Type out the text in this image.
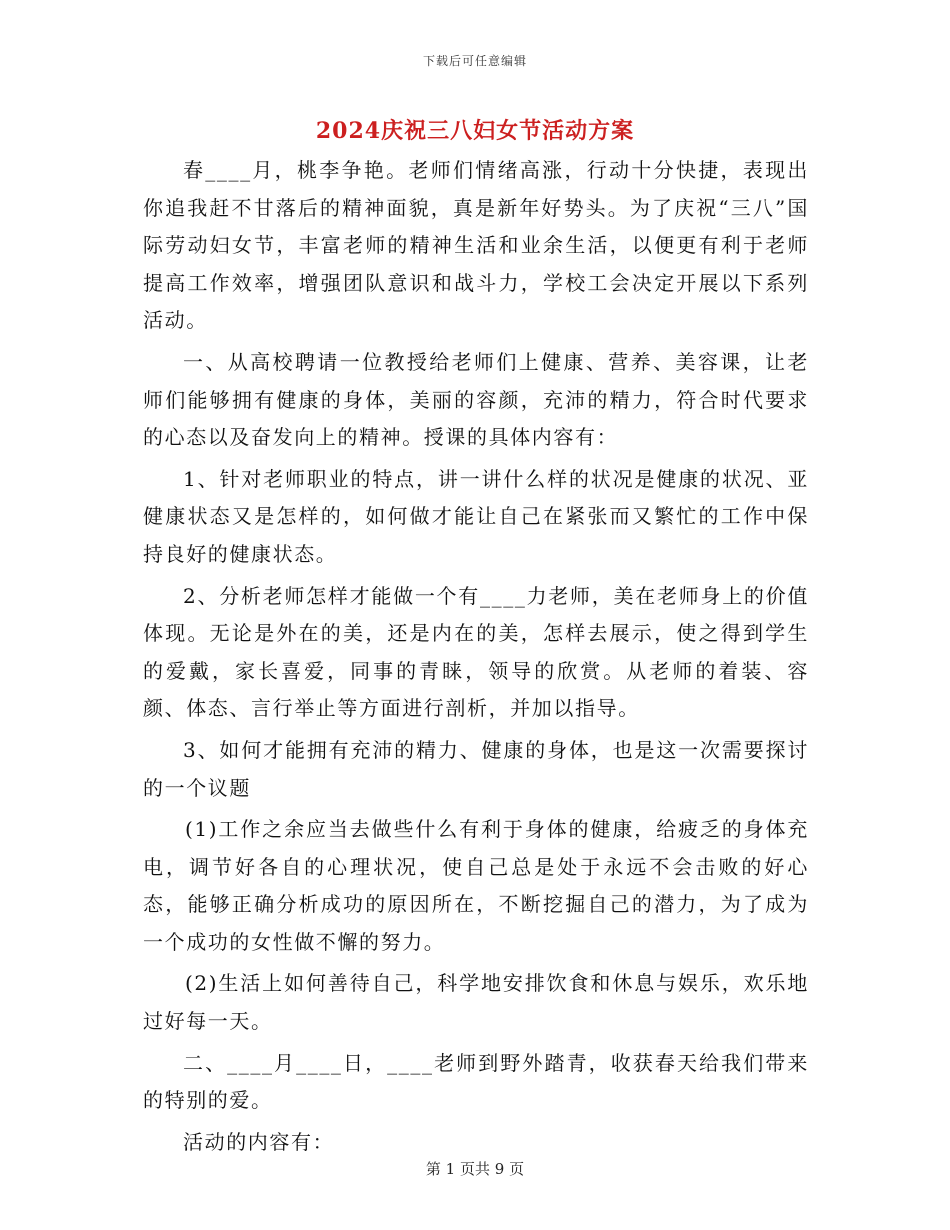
下载后可任意编辑
2024庆祝三八妇女节活动方案

春____月，桃李争艳。老师们情绪高涨，行动十分快捷，表现出你追我赶不甘落后的精神面貌，真是新年好势头。为了庆祝“三八”国际劳动妇女节，丰富老师的精神生活和业余生活，以便更有利于老师提高工作效率，增强团队意识和战斗力，学校工会决定开展以下系列活动。

一、从高校聘请一位教授给老师们上健康、营养、美容课，让老师们能够拥有健康的身体，美丽的容颜，充沛的精力，符合时代要求的心态以及奋发向上的精神。授课的具体内容有：

1、针对老师职业的特点，讲一讲什么样的状况是健康的状况、亚健康状态又是怎样的，如何做才能让自己在紧张而又繁忙的工作中保持良好的健康状态。

2、分析老师怎样才能做一个有____力老师，美在老师身上的价值体现。无论是外在的美，还是内在的美，怎样去展示，使之得到学生的爱戴，家长喜爱，同事的青睐，领导的欣赏。从老师的着装、容颜、体态、言行举止等方面进行剖析，并加以指导。

3、如何才能拥有充沛的精力、健康的身体，也是这一次需要探讨的一个议题

(1)工作之余应当去做些什么有利于身体的健康，给疲乏的身体充电，调节好各自的心理状况，使自己总是处于永远不会击败的好心态，能够正确分析成功的原因所在，不断挖掘自己的潜力，为了成为一个成功的女性做不懈的努力。

(2)生活上如何善待自己，科学地安排饮食和休息与娱乐，欢乐地过好每一天。

二、____月____日，____老师到野外踏青，收获春天给我们带来的特别的爱。

活动的内容有：

第 1 页共 9 页
